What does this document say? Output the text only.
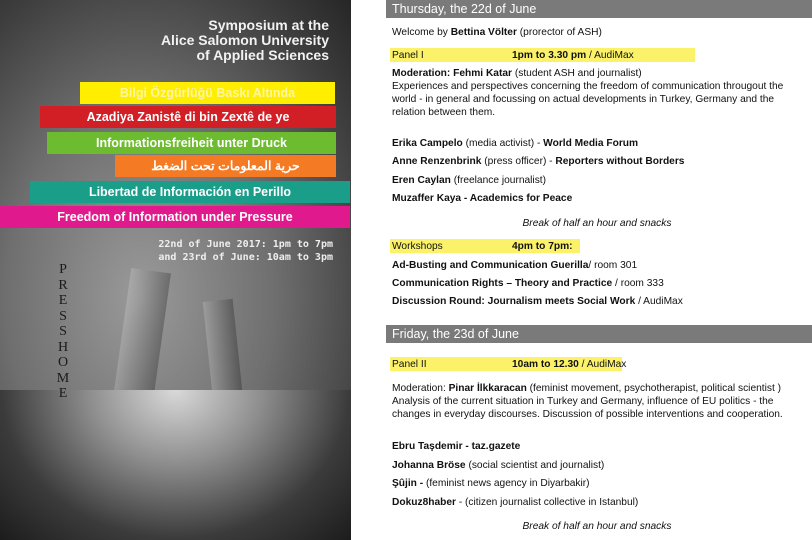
Symposium at the
Alice Salomon University
of Applied Sciences
Bilgi Özgürlüğü Baskı Altında
Azadiya Zanistê di bin Zextê de ye
Informationsfreiheit unter Druck
حرية المعلومات تحت الضغط
Libertad de Información en Perillo
Freedom of Information under Pressure
22nd of June 2017: 1pm to 7pm
and 23rd of June: 10am to 3pm
P
R
E
S
S
H
O
M
E
Thursday, the 22d of June
Welcome by Bettina Völter (prorector of ASH)
Panel I	1pm to 3.30 pm / AudiMax
Moderation: Fehmi Katar (student ASH and journalist)
Experiences and perspectives concerning the freedom of communication througout the world - in general and focussing on actual developments in Turkey, Germany and the relation between them.
Erika Campelo (media activist) - World Media Forum
Anne Renzenbrink (press officer) - Reporters without Borders
Eren Caylan (freelance journalist)
Muzaffer Kaya - Academics for Peace
Break of half an hour and snacks
Workshops	4pm to 7pm:
Ad-Busting and Communication Guerilla/ room 301
Communication Rights – Theory and Practice / room 333
Discussion Round: Journalism meets Social Work / AudiMax
Friday, the 23d of June
Panel II	10am to 12.30 / AudiMax
Moderation: Pinar İlkkaracan (feminist movement, psychotherapist, political scientist )
Analysis of the current situation in Turkey and Germany, influence of EU politics - the changes in everyday discourses. Discussion of possible interventions and cooperation.
Ebru Taşdemir - taz.gazete
Johanna Bröse (social scientist and journalist)
Şûjin - (feminist news agency in Diyarbakir)
Dokuz8haber - (citizen journalist collective in Istanbul)
Break of half an hour and snacks
